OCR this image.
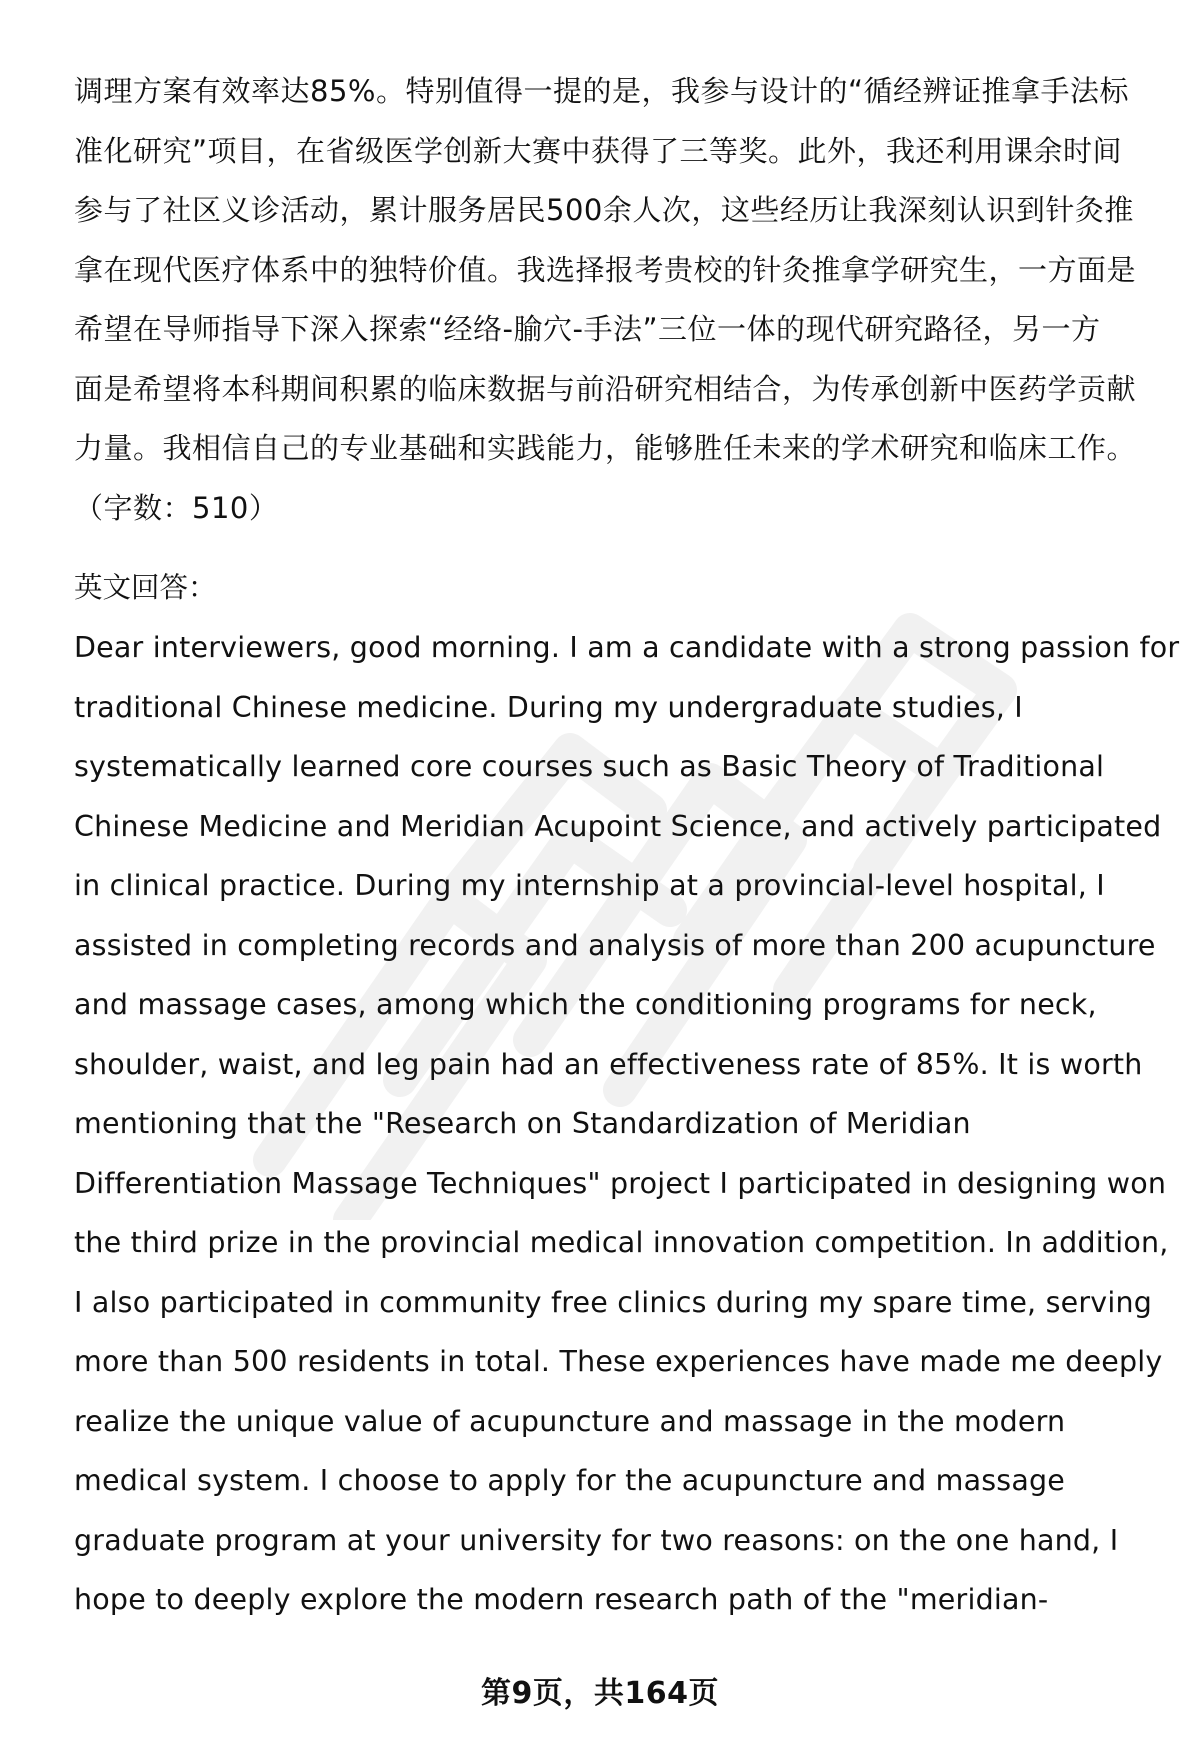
调理方案有效率达85%。特别值得一提的是，我参与设计的“循经辨证推拿手法标
准化研究”项目，在省级医学创新大赛中获得了三等奖。此外，我还利用课余时间
参与了社区义诊活动，累计服务居民500余人次，这些经历让我深刻认识到针灸推
拿在现代医疗体系中的独特价值。我选择报考贵校的针灸推拿学研究生，一方面是
希望在导师指导下深入探索“经络-腧穴-手法”三位一体的现代研究路径，另一方
面是希望将本科期间积累的临床数据与前沿研究相结合，为传承创新中医药学贡献
力量。我相信自己的专业基础和实践能力，能够胜任未来的学术研究和临床工作。
（字数：510）
英文回答：
Dear interviewers, good morning. I am a candidate with a strong passion for
traditional Chinese medicine. During my undergraduate studies, I
systematically learned core courses such as Basic Theory of Traditional
Chinese Medicine and Meridian Acupoint Science, and actively participated
in clinical practice. During my internship at a provincial-level hospital, I
assisted in completing records and analysis of more than 200 acupuncture
and massage cases, among which the conditioning programs for neck,
shoulder, waist, and leg pain had an effectiveness rate of 85%. It is worth
mentioning that the "Research on Standardization of Meridian
Differentiation Massage Techniques" project I participated in designing won
the third prize in the provincial medical innovation competition. In addition,
I also participated in community free clinics during my spare time, serving
more than 500 residents in total. These experiences have made me deeply
realize the unique value of acupuncture and massage in the modern
medical system. I choose to apply for the acupuncture and massage
graduate program at your university for two reasons: on the one hand, I
hope to deeply explore the modern research path of the "meridian-
第9页，共164页
